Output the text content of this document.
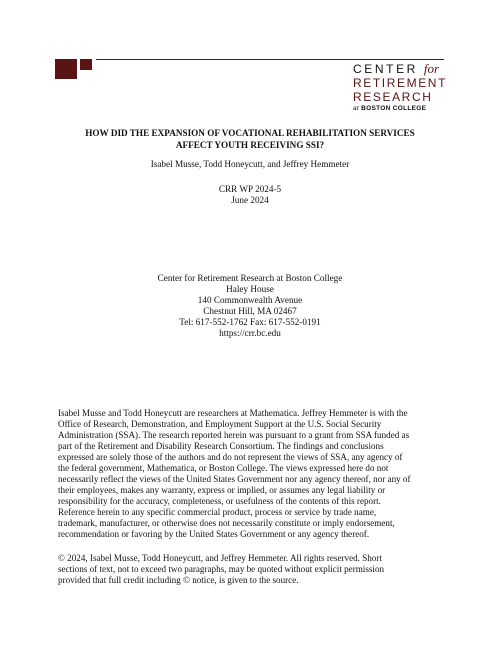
CENTER for
RETIREMENT
RESEARCH
at BOSTON COLLEGE
HOW DID THE EXPANSION OF VOCATIONAL REHABILITATION SERVICES
AFFECT YOUTH RECEIVING SSI?
Isabel Musse, Todd Honeycutt, and Jeffrey Hemmeter
CRR WP 2024-5
June 2024
Center for Retirement Research at Boston College
Haley House
140 Commonwealth Avenue
Chestnut Hill, MA 02467
Tel: 617-552-1762 Fax: 617-552-0191
https://crr.bc.edu
Isabel Musse and Todd Honeycutt are researchers at Mathematica. Jeffrey Hemmeter is with the
Office of Research, Demonstration, and Employment Support at the U.S. Social Security
Administration (SSA). The research reported herein was pursuant to a grant from SSA funded as
part of the Retirement and Disability Research Consortium. The findings and conclusions
expressed are solely those of the authors and do not represent the views of SSA, any agency of
the federal government, Mathematica, or Boston College. The views expressed here do not
necessarily reflect the views of the United States Government nor any agency thereof, nor any of
their employees, makes any warranty, express or implied, or assumes any legal liability or
responsibility for the accuracy, completeness, or usefulness of the contents of this report.
Reference herein to any specific commercial product, process or service by trade name,
trademark, manufacturer, or otherwise does not necessarily constitute or imply endorsement,
recommendation or favoring by the United States Government or any agency thereof.
© 2024, Isabel Musse, Todd Honeycutt, and Jeffrey Hemmeter. All rights reserved. Short
sections of text, not to exceed two paragraphs, may be quoted without explicit permission
provided that full credit including © notice, is given to the source.
